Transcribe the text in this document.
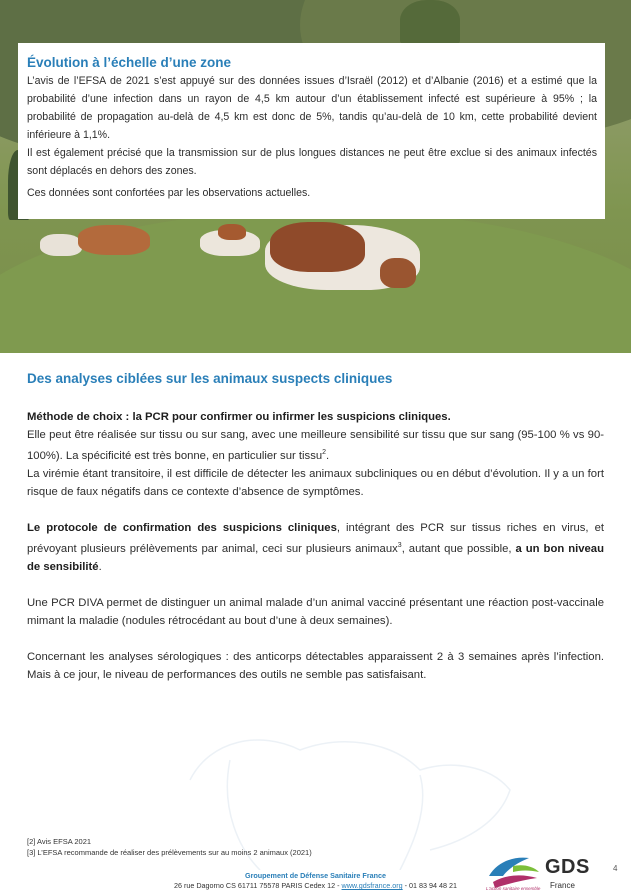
Évolution à l’échelle d’une zone

L’avis de l’EFSA de 2021 s’est appuyé sur des données issues d’Israël (2012) et d’Albanie (2016) et a estimé que la probabilité d’une infection dans un rayon de 4,5 km autour d’un établissement infecté est supérieure à 95% ; la probabilité de propagation au-delà de 4,5 km est donc de 5%, tandis qu’au-delà de 10 km, cette probabilité devient inférieure à 1,1%.

Il est également précisé que la transmission sur de plus longues distances ne peut être exclue si des animaux infectés sont déplacés en dehors des zones.

Ces données sont confortées par les observations actuelles.

Des analyses ciblées sur les animaux suspects cliniques

Méthode de choix : la PCR pour confirmer ou infirmer les suspicions cliniques.

Elle peut être réalisée sur tissu ou sur sang, avec une meilleure sensibilité sur tissu que sur sang (95-100 % vs 90-100%). La spécificité est très bonne, en particulier sur tissu$^2$.

La virémie étant transitoire, il est difficile de détecter les animaux subcliniques ou en début d’évolution. Il y a un fort risque de faux négatifs dans ce contexte d’absence de symptômes.

Le protocole de confirmation des suspicions cliniques, intégrant des PCR sur tissus riches en virus, et prévoyant plusieurs prélèvements par animal, ceci sur plusieurs animaux$^3$, autant que possible, a un bon niveau de sensibilité.

Une PCR DIVA permet de distinguer un animal malade d’un animal vacciné présentant une réaction post-vaccinale mimant la maladie (nodules rétrocédant au bout d’une à deux semaines).

Concernant les analyses sérologiques : des anticorps détectables apparaissent 2 à 3 semaines après l’infection. Mais à ce jour, le niveau de performances des outils ne semble pas satisfaisant.

[2] Avis EFSA 2021
[3] L’EFSA recommande de réaliser des prélèvements sur au moins 2 animaux (2021)
Groupement de Défense Sanitaire France
26 rue Dagorno CS 61711 75578 PARIS Cedex 12 - www.gdsfrance.org - 01 83 94 48 21
GDS
France
L'action sanitaire ensemble
4
